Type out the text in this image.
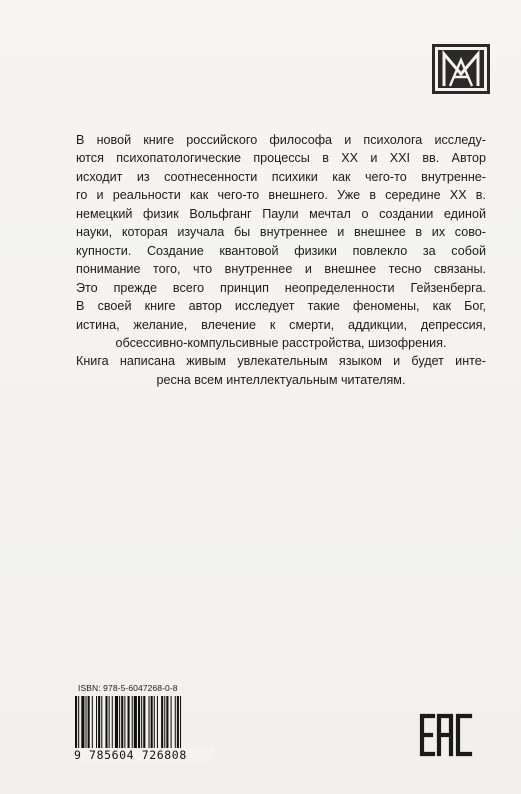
В новой книге российского философа и психолога исследу-
ются психопатологические процессы в XX и XXI вв. Автор
исходит из соотнесенности психики как чего-то внутренне-
го и реальности как чего-то внешнего. Уже в середине XX в.
немецкий физик Вольфганг Паули мечтал о создании единой
науки, которая изучала бы внутреннее и внешнее в их сово-
купности. Создание квантовой физики повлекло за собой
понимание того, что внутреннее и внешнее тесно связаны.
Это прежде всего принцип неопределенности Гейзенберга.
В своей книге автор исследует такие феномены, как Бог,
истина, желание, влечение к смерти, аддикции, депрессия,
обсессивно-компульсивные расстройства, шизофрения.
Книга написана живым увлекательным языком и будет инте-
ресна всем интеллектуальным читателям.
ISBN: 978-5-6047268-0-8
9 785604 726808
